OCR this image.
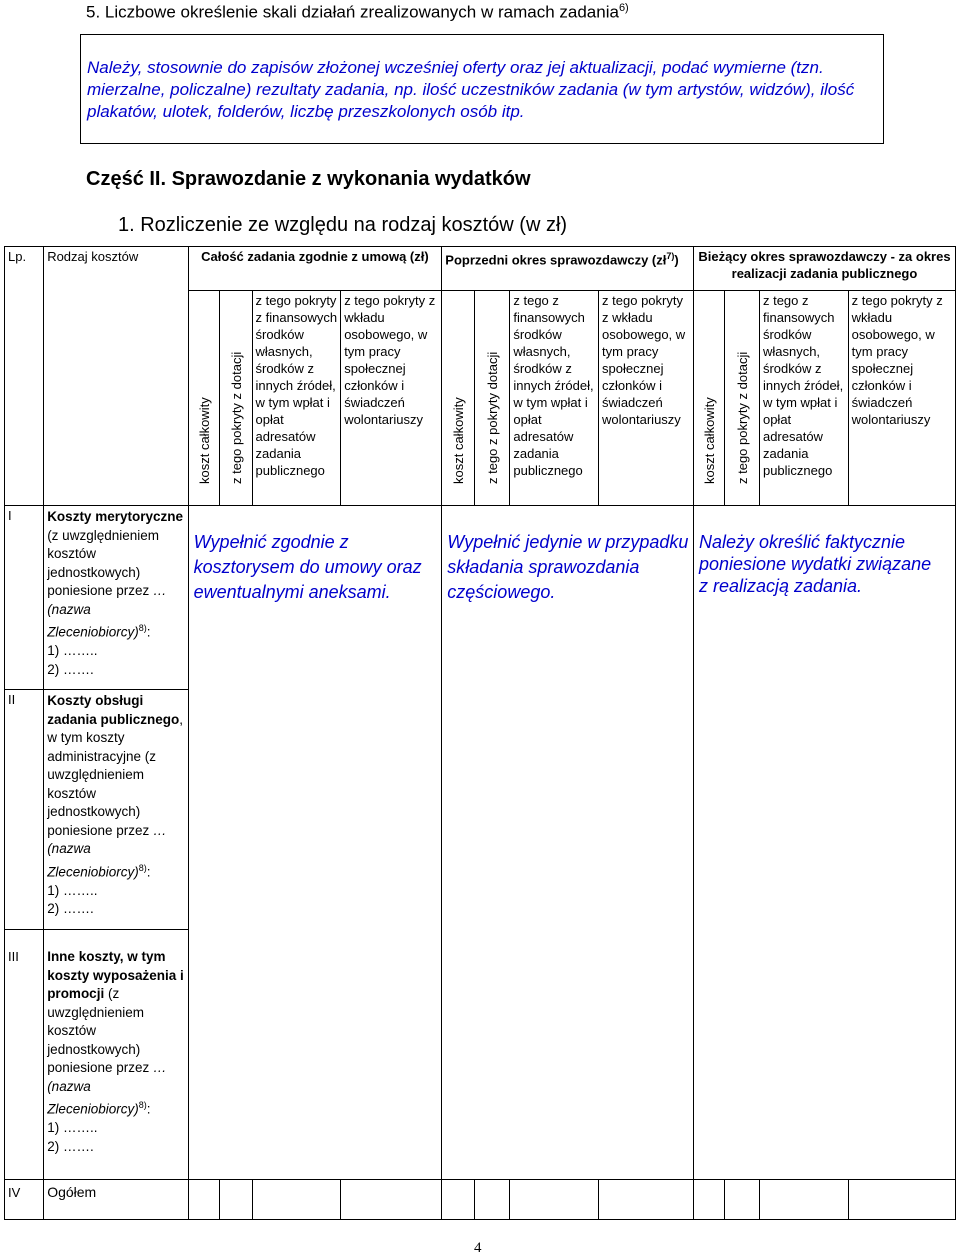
5. Liczbowe określenie skali działań zrealizowanych w ramach zadania$^{6)}$
Należy, stosownie do zapisów złożonej wcześniej oferty oraz jej aktualizacji, podać wymierne (tzn. mierzalne, policzalne) rezultaty zadania, np. ilość uczestników zadania (w tym artystów, widzów), ilość plakatów, ulotek, folderów, liczbę przeszkolonych osób itp.
Część II. Sprawozdanie z wykonania wydatków
1. Rozliczenie ze względu na rodzaj kosztów (w zł)
Lp.	Rodzaj kosztów	Całość zadania zgodnie z umową (zł)				Poprzedni okres sprawozdawczy $(zł^{7)})$				Bieżący okres sprawozdawczy - za okres realizacji zadania publicznego			

		koszt całkowity	z tego pokryty z dotacji	z tego pokryty z finansowych środków własnych, środków z innych źródeł, w tym wpłat i opłat adresatów zadania publicznego	z tego pokryty z wkładu osobowego, w tym pracy społecznej członków i świadczeń wolontariuszy	koszt całkowity	z tego z pokryty dotacji	z tego z finansowych środków własnych, środków z innych źródeł, w tym wpłat i opłat adresatów zadania publicznego	z tego pokryty z wkładu osobowego, w tym pracy społecznej członków i świadczeń wolontariuszy	koszt całkowity	z tego pokryty z dotacji	z tego z finansowych środków własnych, środków z innych źródeł, w tym wpłat i opłat adresatów zadania publicznego	z tego pokryty z wkładu osobowego, w tym pracy społecznej członków i świadczeń wolontariuszy
I	Koszty merytoryczne (z uwzględnieniem kosztów jednostkowych) poniesione przez …(nazwa Zleceniobiorcy)$^{8)}$:
1) ……..
2) …….	Wypełnić zgodnie z kosztorysem do umowy oraz ewentualnymi aneksami.				Wypełnić jedynie w przypadku składania sprawozdania częściowego.				Należy określić faktycznie poniesione wydatki związane z realizacją zadania.			

II	Koszty obsługi zadania publicznego, w tym koszty administracyjne (z uwzględnieniem kosztów jednostkowych) poniesione przez …(nazwa Zleceniobiorcy)$^{8)}$:
1) ……..
2) …….												
III	Inne koszty, w tym koszty wyposażenia i promocji (z uwzględnieniem kosztów jednostkowych) poniesione przez …(nazwa Zleceniobiorcy)$^{8)}$:
1) ……..
2) …….												
IV	Ogółem												
4
